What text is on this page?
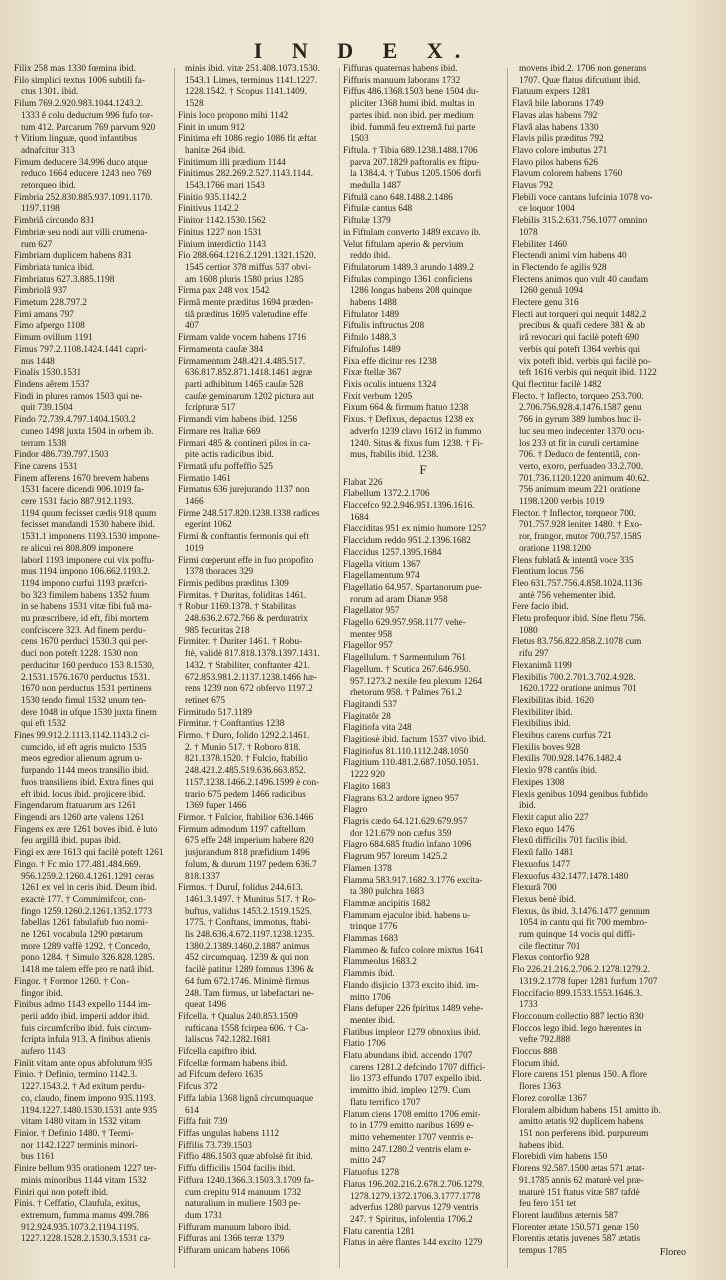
I N D E X.
Filix 258 mas 1330 fœmina ibid.
Filo simplici textus 1006 subtili fa-
ctus 1301. ibid.
Filum 769.2.920.983.1044.1243.2.
1333 ê colu deductum 996 fufo tor-
tum 412. Parcarum 769 parvum 920
† Vitium linguæ, quod infantibus
adnafcitur 313
Fimum deducere 34.996 duco atque
reduco 1664 educere 1243 neo 769
retorqueo ibid.
Fimbria 252.830.885.937.1091.1170.
1197.1198
Fimbriâ circundo 831
Fimbriæ seu nodi aut villi crumena-
rum 627
Fimbriam duplicem habens 831
Fimbriata tunica ibid.
Fimbriatus 627.3.885.1198
Fimbriolâ 937
Fimetum 228.797.2
Fimi amans 797
Fimo afpergo 1108
Fimum ovillum 1191
Fimus 797.2.1108.1424.1441 capri-
nus 1448
Finalis 1530.1531
Findens aêrem 1537
Findi in plures ramos 1503 qui ne-
quit 739.1504
Findo 72.739.4.797.1404.1503.2
cuneo 1498 juxta 1504 in orbem ib.
terram 1538
Findor 486.739.797.1503
Fine carens 1531
Finem afferens 1670 brevem habens
1531 facere dicendi 906.1019 fa-
cere 1531 facio 887.912.1193.
1194 quum fecisset cædis 918 quum
fecisset mandandi 1530 habere ibid.
1531.1 imponens 1193.1530 impone-
re alicui rei 808.809 imponere
laborI 1193 imponere cui vix poffu-
mus 1194 impono 106.662.1193.2.
1194 impono curfui 1193 præfcri-
bo 323 fimilem habens 1352 fuum
in se habens 1531 vitæ fibi fuâ ma-
nu præscribere, id eft, fibi mortem
confciscere 323. Ad finem perdu-
cens 1670 perduci 1530.3 qui per-
duci non poteft 1228. 1530 non
perducitur 160 perduco 153 8.1530,
2.1531.1576.1670 perductus 1531.
1670 non perductus 1531 pertinens
1530 tendo fimul 1532 unum ten-
dere 1048 in ufque 1530 juxta finem
qui eft 1532
Fines 99.912.2.1113.1142.1143.2 ci-
cumcido, id eft agris mulcto 1535
meos egredior alienum agrum u-
furpando 1144 meos transilio ibid.
fuos transiliens ibid. Extra fines qui
eft ibid. locus ibid. projicere ibid.
Fingendarum ftatuarum ars 1261
Fingendi ars 1260 arte valens 1261
Fingens ex ære 1261 boves ibid. è luto
feu argillâ ibid. pupas ibid.
Fingi ex ære 1613 qui facilè poteft 1261
Fingo. † Fc mio 177.481.484.669.
956.1259.2.1260.4.1261.1291 ceras
1261 ex vel in ceris ibid. Deum ibid.
exactè 177. † Commimifcor, con-
fingo 1259.1260.2.1261.1352.1773
fabellas 1261 fabulafub fuo nomi-
ne 1261 vocabula 1290 pœtarum
more 1289 vaffè 1292. † Concedo,
pono 1284. † Simulo 326.828.1285.
1418 me talem effe pro re natâ ibid.
Fingor. † Formor 1260. † Con-
fingor ibid.
Finibus admo 1143 expello 1144 im-
perii addo ibid. imperii addor ibid.
fuis circumfcribo ibid. fuis circum-
fcripta infula 913. A finibus alienis
aufero 1143
Finiit vitam ante opus abfolutum 935
Finio. † Definio, termino 1142.3.
1227.1543.2. † Ad exitum perdu-
co, claudo, finem impono 935.1193.
1194.1227.1480.1530.1531 ante 935
vitam 1480 vitam in 1532 vitam
Finior. † Definio 1480. † Termi-
nor 1142.1227 terminis minori-
bus 1161
Finire bellum 935 orationem 1227 ter-
minis minoribus 1144 vitam 1532
Finiri qui non poteft ibid.
Finis. † Ceffatio, Claufula, exitus,
extremum, fumma manus 499.786
912.924.935.1073.2.1194.1195.
1227.1228.1528.2.1530.3.1531 ca-
minis ibid. vitæ 251.408.1073.1530.
1543.1 Limes, terminus 1141.1227.
1228.1542. † Scopus 1141.1409.
1528
Finis loco propono mihi 1142
Finit in unum 912
Finitima eft 1086 regio 1086 fit æftat
hanitæ 264 ibid.
Finitimum illi prædium 1144
Finitimus 282.269.2.527.1143.1144.
1543.1766 mari 1543
Finitio 935.1142.2
Finitivus 1142.2
Finitor 1142.1530.1562
Finitus 1227 non 1531
Finium interdictio 1143
Fio 288.664.1216.2.1291.1321.1520.
1545 certior 378 miffus 537 obvi-
am 1608 pluris 1580 prius 1285
Firma pax 248 vox 1542
Firmâ mente præditus 1694 præden-
tiâ præditus 1695 valetudine effe
407
Firmam valde vocem habens 1716
Firmamenta cauſæ 384
Firmamentum 248.421.4.485.517.
636.817.852.871.1418.1461 ægræ
parti adhibitum 1465 cauſæ 528
cauſæ geminarum 1202 pictura aut
fcripturæ 517
Firmandi vim habens ibid. 1256
Firmare res Italiæ 669
Firmari 485 & contineri pilos in ca-
pite actis radicibus ibid.
Firmatâ ufu poffeffio 525
Firmatio 1461
Firmatus 636 jurejurando 1137 non
1466
Firme 248.517.820.1238.1338 radices
egerint 1062
Firmi & conftantis fermonis qui eft
1019
Firmi cœperunt effe in fuo propofito
1378 thoraces 329
Firmis pedibus præditus 1309
Firmitas. † Duritas, foliditas 1461.
† Robur 1169.1378. † Stabilitas
248.636.2.672.766 & perduratrix
985 fecuritas 218
Firmiter. † Duriter 1461. † Robu-
ftè, validè 817.818.1378.1397.1431.
1432. † Stabiliter, conftanter 421.
672.853.981.2.1137.1238.1466 hæ-
rens 1239 non 672 obfervo 1197.2
retinet 675
Firmitudo 517.1189
Firmitur. † Conftantius 1238
Firmo. † Duro, folido 1292.2.1461.
2. † Munio 517. † Roboro 818.
821.1378.1520. † Fulcio, ftabilio
248.421.2.485.519.636.663.852.
1157.1238.1466.2.1496.1599 è con-
trario 675 pedem 1466 radicibus
1369 fuper 1466
Firmor. † Fulcior, ftabilior 636.1466
Firmum admodum 1197 caftellum
675 effe 248 imperium habere 820
jusjurandum 818 præfidium 1496
folum, & durum 1197 pedem 636.7
818.1337
Firmus. † Duruſ, folidus 244.613.
1461.3.1497. † Munitus 517. † Ro-
buftus, validus 1453.2.1519.1525.
1775. † Conftans, immotus, ftabi-
lis 248.636.4.672.1197.1238.1235.
1380.2.1389.1460.2.1887 animus
452 circumquaq. 1239 & qui non
facilè patitur 1289 fomnus 1396 &
64 fum 672.1746. Minimè firmus
248. Tam firmus, ut labefactari ne-
queat 1496
Fifcella. † Qualus 240.853.1509
rufticana 1558 fcirpea 606. † Ca-
laliscus 742.1282.1681
Fifcella capiftro ibid.
Fifcellæ formam habens ibid.
ad Fifcum defero 1635
Fifcus 372
Fiffa labia 1368 lignâ circumquaque
614
Fiffa fuit 739
Fiffas ungulas habens 1112
Fiffilis 73.739.1503
Fiffio 486.1503 quæ abfolsè fit ibid.
Fiffu difficilis 1504 facilis ibid.
Fiffura 1240.1366.3.1503.3.1709 fa-
cum crepitu 914 manuum 1732
naturalium in muliere 1503 pe-
dum 1731
Fiffuram manuum laboro ibid.
Fiffuras ani 1366 terræ 1379
Fiffuram unicam habens 1066
Fiffuras quaternas habens ibid.
Fiffuris manuum laborans 1732
Fiffus 486.1368.1503 bene 1504 du-
pliciter 1368 humi ibid. multas in
partes ibid. non ibid. per medium
ibid. fummâ feu extremâ fui parte
1503
Fiftula. † Tibia 689.1238.1488.1706
parva 207.1829 paftoralis ex ftipu-
la 1384.4. † Tubus 1205.1506 dorfi
medulla 1487
Fiftulâ cano 648.1488.2.1486
Fiftulæ cantus 648
Fiftulæ 1379
in Fiftulam converto 1489 excavo ib.
Velut fiftulam aperio & pervium
reddo ibid.
Fiftulatorum 1489.3 arundo 1489.2
Fiftulas compingo 1361 conficiens
1286 longas habens 208 quinque
habens 1488
Fiftulator 1489
Fiftulis inftructus 208
Fiftulo 1488.3
Fiftulofus 1489
Fixa effe dicitur res 1238
Fixæ ftellæ 367
Fixis oculis intuens 1324
Fixit verbum 1205
Fixum 664 & firmum ftatuo 1238
Fixus. † Defixus, depactus 1238 ex
adverfo 1239 clavo 1612 in fummo
1240. Situs & fixus fum 1238. † Fi-
mus, ftabilis ibid. 1238.
F
Flabat 226
Flabellum 1372.2.1706
Flaccefco 92.2.946.951.1396.1616.
1684
Flacciditas 951 ex nimio humore 1257
Flaccidum reddo 951.2.1396.1682
Flaccidus 1257.1395.1684
Flagella vitium 1367
Flagellamentum 974
Flagellatio 64.957. Spartanorum pue-
rorum ad aram Dianæ 958
Flagellator 957
Flagello 629.957.958.1177 vehe-
menter 958
Flagellor 957
Flagellulum. † Sarmentulum 761
Flagellum. † Scutica 267.646.950.
957.1273.2 nexile feu plexum 1264
rhetorum 958. † Palmes 761.2
Flagitandi 537
Flagitatôr 28
Flagitiofa vita 248
Flagitiosè ibid. factum 1537 vivo ibid.
Flagitiofus 81.110.1112.248.1050
Flagitium 110.481.2.687.1050.1051.
1222 920
Flagito 1683
Flagrans 63.2 ardore igneo 957
Flagro
Flagris cædo 64.121.629.679.957
dor 121.679 non cæfus 359
Flagro 684.685 ftudio infano 1096
Flagrum 957 loreum 1425.2
Flamen 1378
Flamma 583.917.1682.3.1776 excita-
ta 380 pulchra 1683
Flammæ ancipitis 1682
Flammam ejaculor ibid. habens u-
trinque 1776
Flammas 1683
Flammeo & fufco colore mixtus 1641
Flammeolus 1683.2
Flammis ibid.
Flando disjicio 1373 excito ibid. im-
mitto 1706
Flans defuper 226 fpiritus 1489 vehe-
menter ibid.
Flatibus impleor 1279 obnoxius ibid.
Flatio 1706
Flatu abundans ibid. accendo 1707
carens 1281.2 defcindo 1707 diffici-
lio 1373 effundo 1707 expello ibid.
immitto ibid. impleo 1279. Cum
flatu terrifico 1707
Flatum ciens 1708 emitto 1706 emit-
to in 1779 emitto naribus 1699 e-
mitto vehementer 1707 ventris e-
mitto 247.1280.2 ventris elam e-
mitto 247
Flatuofus 1278
Flatus 196.202.216.2.678.2.706.1279.
1278.1279.1372.1706.3.1777.1778
adverfus 1280 parvus 1279 ventris
247. † Spiritus, infolentia 1706.2
Flatu carentia 1281
Flatus in aëre flantes 144 excito 1279
movens ibid.2. 1706 non generans
1707. Quæ flatus difcutiunt ibid.
Flatuum expers 1281
Flavâ bile laborans 1749
Flavas alas habens 792
Flavâ alas habens 1330
Flavis pilis præditus 792
Flavo colore imbutus 271
Flavo pilos habens 626
Flavum colorem habens 1760
Flavus 792
Flebili voce cantans lufcinia 1078 vo-
ce loquor 1004
Flebilis 315.2.631.756.1077 omnino
1078
Flebiliter 1460
Flectendi animi vim habens 40
in Flectendo fe agilis 928
Flectens animos quo vult 40 caudam
1260 genuâ 1094
Flectere genu 316
Flecti aut torqueri qui nequit 1482.2
precibus & quafi cedere 381 & ab
irâ revocari qui facilè poteft 690
verbis qui poteft 1364 verbis qui
vix poteft ibid. verbis qui facilè po-
teft 1616 verbis qui nequit ibid. 1122
Qui flectitur facilè 1482
Flecto. † Inflecto, torqueo 253.700.
2.706.756.928.4.1476.1587 genu
766 in gyrum 389 lumbos huc il-
luc seu meo indecenter 1370 ocu-
los 233 ut fit in curuli certamine
706. † Deduco de fententiâ, con-
verto, exoro, perfuadeo 33.2.700.
701.736.1120.1220 animum 40.62.
756 animum meum 221 oratione
1198.1200 verbis 1019
Flector. † Inflector, torqueor 700.
701.757.928 leniter 1480. † Exo-
ror, frangor, mutor 700.757.1585
oratione 1198.1200
Flens fublatâ & intentâ voce 335
Flentium locus 756
Fleo 631.757.756.4.858.1024.1136
antè 756 vehementer ibid.
Fere facio ibid.
Fletu profequor ibid. Sine fletu 756.
1080
Fletus 83.756.822.858.2.1078 cum
rifu 297
Flexanimâ 1199
Flexibilis 700.2.701.3.702.4.928.
1620.1722 oratione animus 701
Flexibilitas ibid. 1620
Flexibiliter ibid.
Flexibilius ibid.
Flexibus carens curfus 721
Flexilis boves 928
Flexilis 700.928.1476.1482.4
Flexio 978 cantûs ibid.
Flexipes 1308
Flexis genibus 1094 genibus fubfido
ibid.
Flexit caput alio 227
Flexo equo 1476
Flexû difficilis 701 facilis ibid.
Flexû fallo 1481
Flexuofus 1477
Flexuofus 432.1477.1478.1480
Flexurâ 700
Flexus benè ibid.
Flexus, ûs ibid. 3.1476.1477 genuum
1054 in cantu qui fit 700 membro-
rum quinque 14 vocis qui diffi-
cile flectitur 701
Flexus contorfio 928
Flo 226.21.216.2.706.2.1278.1279.2.
1319.2.1778 fuper 1281 furfum 1707
Floccifacio 899.1533.1553.1646.3.
1733
Flocconum collectio 887 lectio 830
Floccos lego ibid. lego hærentes in
vefte 792.888
Floccus 888
Flocum ibid.
Flore carens 151 plenus 150. A flore
flores 1363
Florez corollæ 1367
Floralem albidum habens 151 amitto ib.
amitto ætatis 92 duplicem habens
151 non perferens ibid. purpureum
habens ibid.
Florebidi vim habens 150
Florens 92.587.1500 ætas 571 ætat-
91.1785 annis 62 maturè vel præ-
maturè 151 ftatus vitæ 587 tafdè
feu fero 151 tet
Florent laudibus æternis 587
Florenter ætate 150.571 genæ 150
Florentis ætatis juvenes 587 ætatis
tempus 1785	Floreo
